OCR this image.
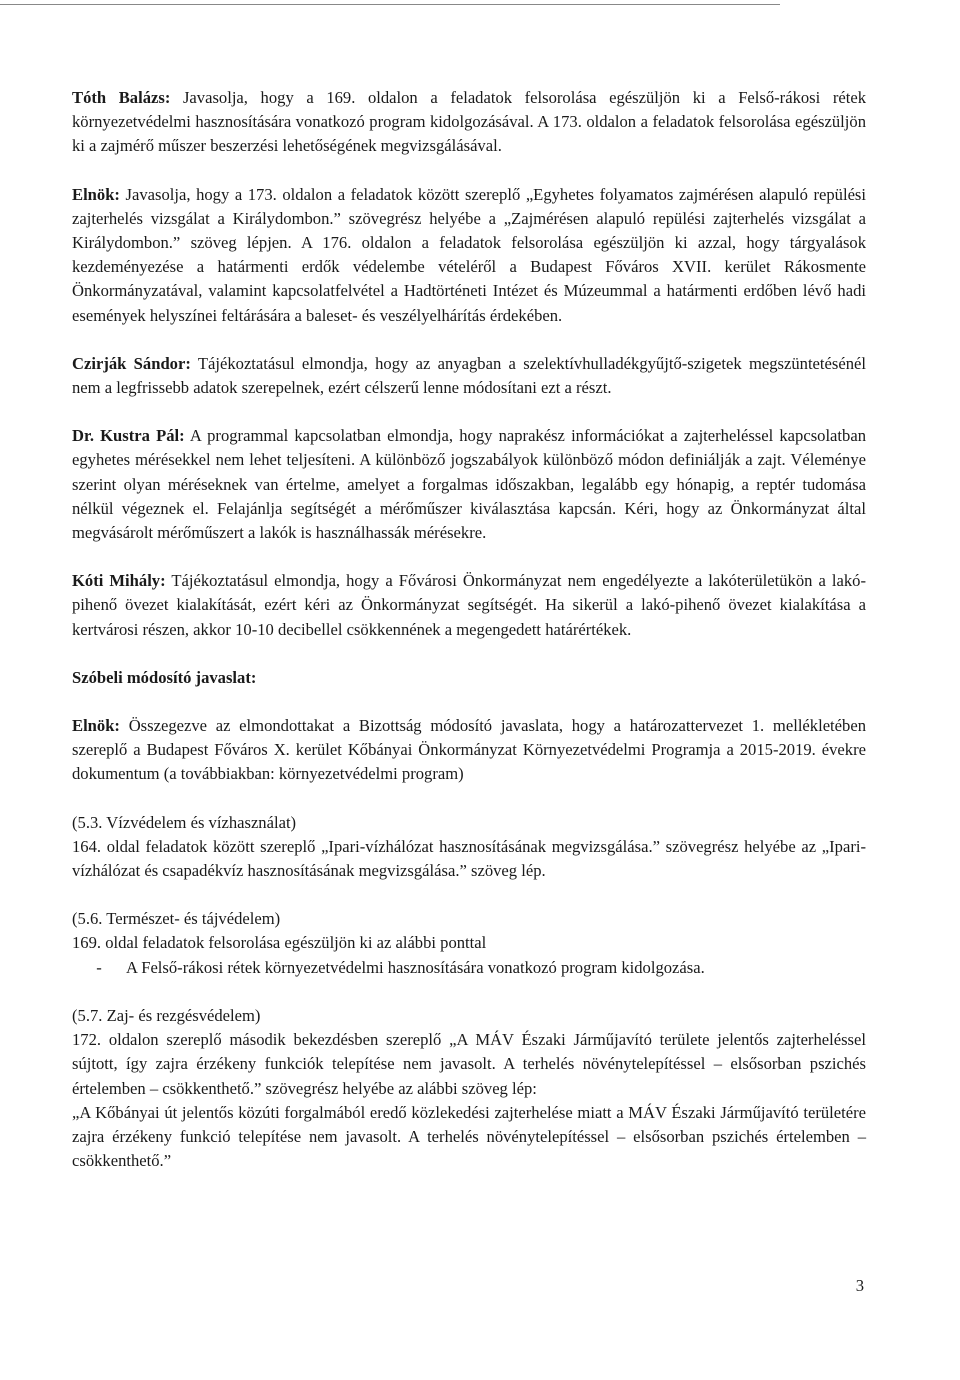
Tóth Balázs: Javasolja, hogy a 169. oldalon a feladatok felsorolása egészüljön ki a Felső-rákosi rétek környezetvédelmi hasznosítására vonatkozó program kidolgozásával. A 173. oldalon a feladatok felsorolása egészüljön ki a zajmérő műszer beszerzési lehetőségének megvizsgálásával.

Elnök: Javasolja, hogy a 173. oldalon a feladatok között szereplő „Egyhetes folyamatos zajmérésen alapuló repülési zajterhelés vizsgálat a Királydombon.” szövegrész helyébe a „Zajmérésen alapuló repülési zajterhelés vizsgálat a Királydombon.” szöveg lépjen. A 176. oldalon a feladatok felsorolása egészüljön ki azzal, hogy tárgyalások kezdeményezése a határmenti erdők védelembe vételéről a Budapest Főváros XVII. kerület Rákosmente Önkormányzatával, valamint kapcsolatfelvétel a Hadtörténeti Intézet és Múzeummal a határmenti erdőben lévő hadi események helyszínei feltárására a baleset- és veszélyelhárítás érdekében.

Czirják Sándor: Tájékoztatásul elmondja, hogy az anyagban a szelektívhulladékgyűjtő-szigetek megszüntetésénél nem a legfrissebb adatok szerepelnek, ezért célszerű lenne módosítani ezt a részt.

Dr. Kustra Pál: A programmal kapcsolatban elmondja, hogy naprakész információkat a zajterheléssel kapcsolatban egyhetes mérésekkel nem lehet teljesíteni. A különböző jogszabályok különböző módon definiálják a zajt. Véleménye szerint olyan méréseknek van értelme, amelyet a forgalmas időszakban, legalább egy hónapig, a reptér tudomása nélkül végeznek el. Felajánlja segítségét a mérőműszer kiválasztása kapcsán. Kéri, hogy az Önkormányzat által megvásárolt mérőműszert a lakók is használhassák mérésekre.

Kóti Mihály: Tájékoztatásul elmondja, hogy a Fővárosi Önkormányzat nem engedélyezte a lakóterületükön a lakó-pihenő övezet kialakítását, ezért kéri az Önkormányzat segítségét. Ha sikerül a lakó-pihenő övezet kialakítása a kertvárosi részen, akkor 10-10 decibellel csökkennének a megengedett határértékek.

Szóbeli módosító javaslat:

Elnök: Összegezve az elmondottakat a Bizottság módosító javaslata, hogy a határozattervezet 1. mellékletében szereplő a Budapest Főváros X. kerület Kőbányai Önkormányzat Környezetvédelmi Programja a 2015-2019. évekre dokumentum (a továbbiakban: környezetvédelmi program)

(5.3. Vízvédelem és vízhasználat)

164. oldal feladatok között szereplő „Ipari-vízhálózat hasznosításának megvizsgálása.” szövegrész helyébe az „Ipari-vízhálózat és csapadékvíz hasznosításának megvizsgálása.” szöveg lép.

(5.6. Természet- és tájvédelem)

169. oldal feladatok felsorolása egészüljön ki az alábbi ponttal

-	A Felső-rákosi rétek környezetvédelmi hasznosítására vonatkozó program kidolgozása.

(5.7. Zaj- és rezgésvédelem)

172. oldalon szereplő második bekezdésben szereplő „A MÁV Északi Járműjavító területe jelentős zajterheléssel sújtott, így zajra érzékeny funkciók telepítése nem javasolt. A terhelés növénytelepítéssel – elsősorban pszichés értelemben – csökkenthető.” szövegrész helyébe az alábbi szöveg lép:

„A Kőbányai út jelentős közúti forgalmából eredő közlekedési zajterhelése miatt a MÁV Északi Járműjavító területére zajra érzékeny funkció telepítése nem javasolt. A terhelés növénytelepítéssel – elsősorban pszichés értelemben – csökkenthető.”

3
